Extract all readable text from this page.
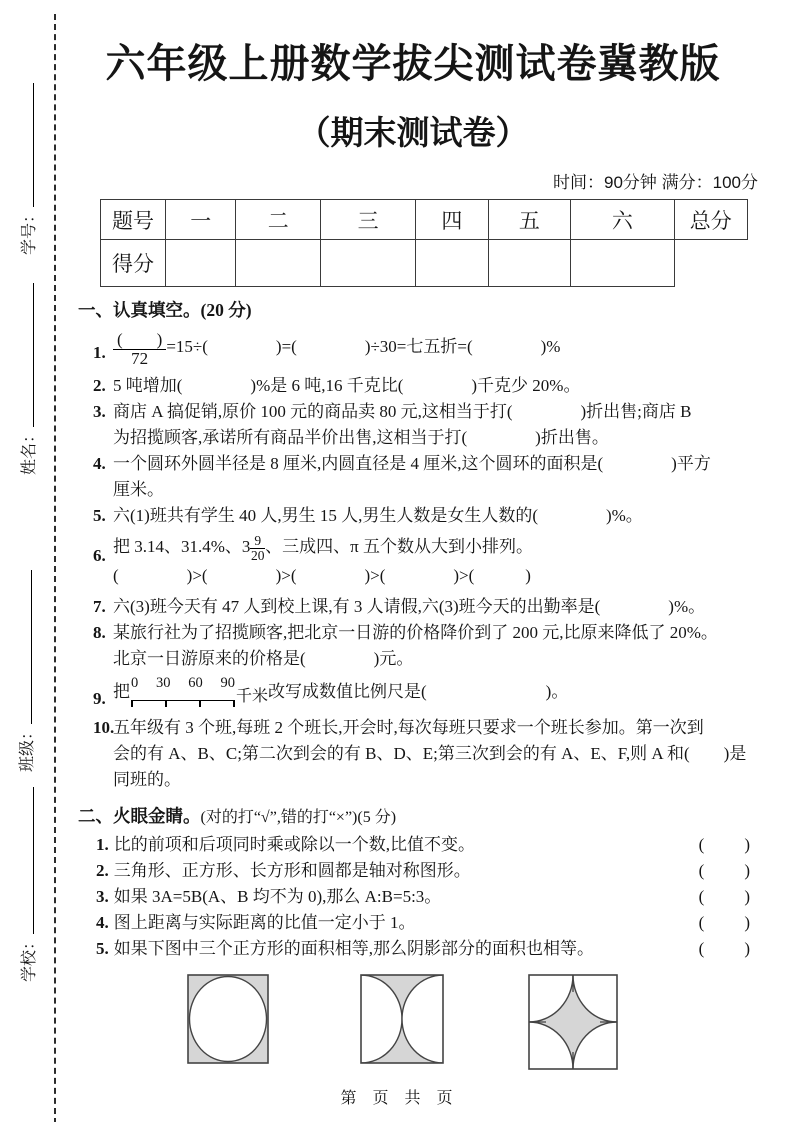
学号：
姓名：
班级：
学校：
六年级上册数学拔尖测试卷冀教版
（期末测试卷）
时间：90分钟 满分：100分
题号	一	二	三	四	五	六	总分
得分							
一、认真填空。(20 分)
1. $\frac{( )}{72} =15\div$(　　　　)=(　　　　)÷30=七五折=(　　　　)%
2. 5 吨增加(　　　　)%是 6 吨,16 千克比(　　　　)千克少 20%。
3. 商店 A 搞促销,原价 100 元的商品卖 80 元,这相当于打(　　　　)折出售;商店 B
为招揽顾客,承诺所有商品半价出售,这相当于打(　　　　)折出售。
4. 一个圆环外圆半径是 8 厘米,内圆直径是 4 厘米,这个圆环的面积是(　　　　)平方
厘米。
5. 六(1)班共有学生 40 人,男生 15 人,男生人数是女生人数的(　　　　)%。
6. 把 3.14、31.4%、$3 \frac{9}{20}$ 、三成四、π 五个数从大到小排列。
(　　　　)>(　　　　)>(　　　　)>(　　　　)>(　　　)
7. 六(3)班今天有 47 人到校上课,有 3 人请假,六(3)班今天的出勤率是(　　　　)%。
8. 某旅行社为了招揽顾客,把北京一日游的价格降价到了 200 元,比原来降低了 20%。
北京一日游原来的价格是(　　　　)元。
9. 把 0 30 60 90
千米改写成数值比例尺是(　　　　　　　)。
10.
五年级有 3 个班,每班 2 个班长,开会时,每次每班只要求一个班长参加。第一次到
会的有 A、B、C;第二次到会的有 B、D、E;第三次到会的有 A、E、F,则 A 和(　　)是
同班的。
二、火眼金睛。(对的打“√”,错的打“×”)(5 分)
1. 比的前项和后项同时乘或除以一个数,比值不变。	(　　)
2. 三角形、正方形、长方形和圆都是轴对称图形。	(　　)
3. 如果 3A=5B(A、B 均不为 0),那么 A:B=5:3。	(　　)
4. 图上距离与实际距离的比值一定小于 1。	(　　)
5. 如果下图中三个正方形的面积相等,那么阴影部分的面积也相等。	(　　)
第　页　共　页
